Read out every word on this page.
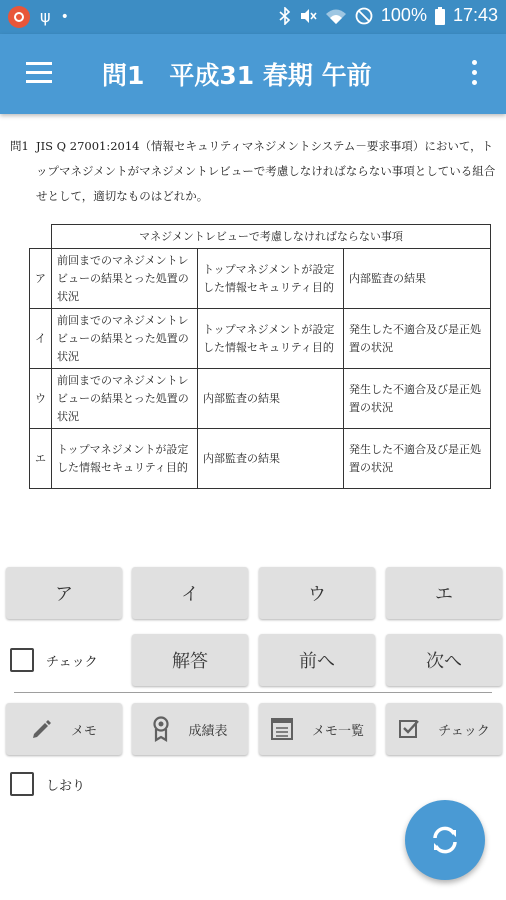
ψ •	100% 17:43
問1　平成31 春期 午前
問1 JIS Q 27001:2014（情報セキュリティマネジメントシステム－要求事項）において，トップマネジメントがマネジメントレビューで考慮しなければならない事項としている組合せとして，適切なものはどれか。
	マネジメントレビューで考慮しなければならない事項		
ア	前回までのマネジメントレビューの結果とった処置の状況	トップマネジメントが設定した情報セキュリティ目的	内部監査の結果
イ	前回までのマネジメントレビューの結果とった処置の状況	トップマネジメントが設定した情報セキュリティ目的	発生した不適合及び是正処置の状況
ウ	前回までのマネジメントレビューの結果とった処置の状況	内部監査の結果	発生した不適合及び是正処置の状況
エ	トップマネジメントが設定した情報セキュリティ目的	内部監査の結果	発生した不適合及び是正処置の状況
ア	イ	ウ	エ
チェック	解答	前へ	次へ
メモ	成績表	メモ一覧	チェック
しおり
